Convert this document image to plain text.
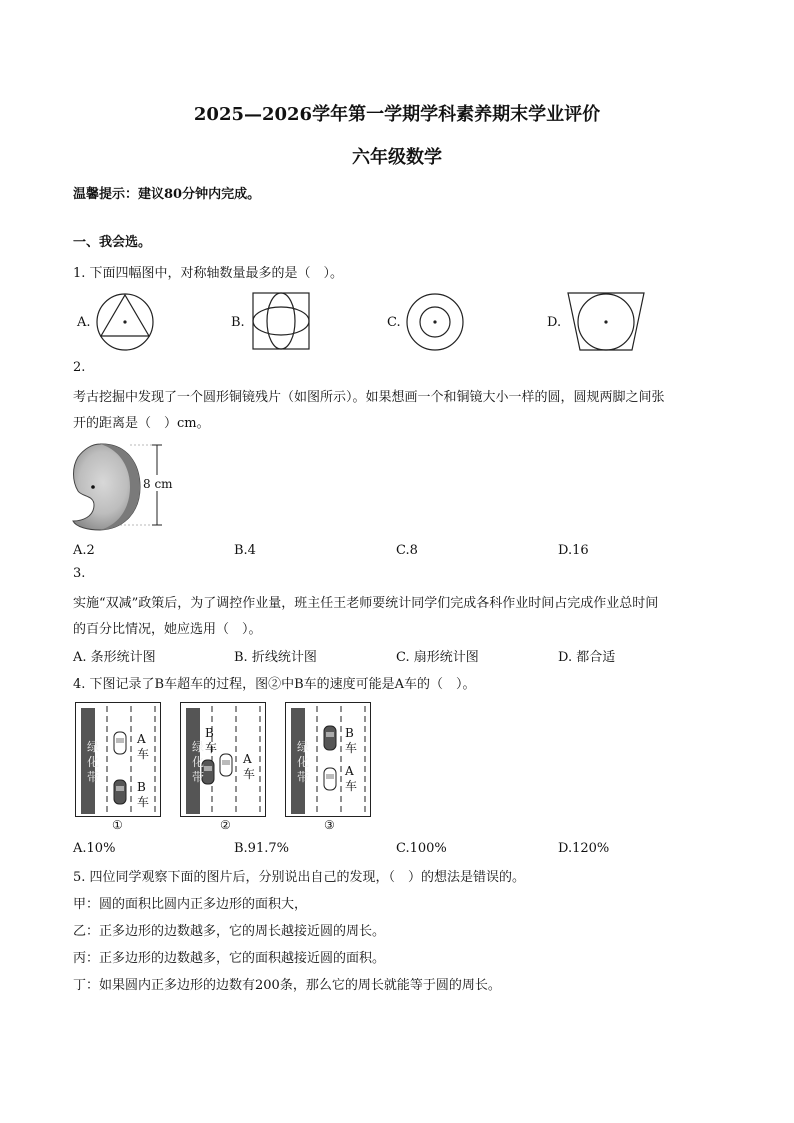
2025—2026学年第一学期学科素养期末学业评价
六年级数学
温馨提示：建议80分钟内完成。
一、我会选。
1. 下面四幅图中，对称轴数量最多的是（　）。
A.	B.	C.	D.
2.
考古挖掘中发现了一个圆形铜镜残片（如图所示）。如果想画一个和铜镜大小一样的圆，圆规两脚之间张
开的距离是（　）cm。
8 cm
A.2	B.4	C.8	D.16
3.
实施“双减”政策后，为了调控作业量，班主任王老师要统计同学们完成各科作业时间占完成作业总时间
的百分比情况，她应选用（　）。
A. 条形统计图	B. 折线统计图	C. 扇形统计图	D. 都合适
4. 下图记录了B车超车的过程，图②中B车的速度可能是A车的（　）。
绿化带
A车
B车
①
绿化带
B车
A车
②
绿化带
B车
A车
③
A.10%	B.91.7%	C.100%	D.120%
5. 四位同学观察下面的图片后，分别说出自己的发现，（　）的想法是错误的。
甲：圆的面积比圆内正多边形的面积大，
乙：正多边形的边数越多，它的周长越接近圆的周长。
丙：正多边形的边数越多，它的面积越接近圆的面积。
丁：如果圆内正多边形的边数有200条，那么它的周长就能等于圆的周长。
